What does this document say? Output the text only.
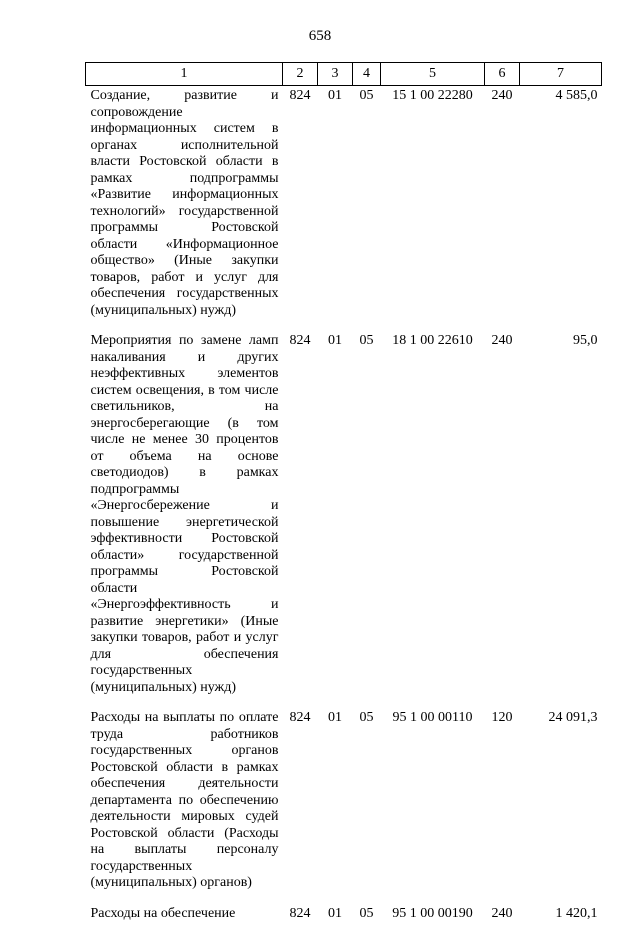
658
1	2	3	4	5	6	7
Создание, развитие и сопровождение информационных систем в органах исполнительной власти Ростовской области в рамках подпрограммы «Развитие информационных технологий» государственной программы Ростовской области «Информационное общество» (Иные закупки товаров, работ и услуг для обеспечения государственных (муниципальных) нужд)	824	01	05	15 1 00 22280	240	4 585,0
Мероприятия по замене ламп накаливания и других неэффективных элементов систем освещения, в том числе светильников, на энергосберегающие (в том числе не менее 30 процентов от объема на основе светодиодов) в рамках подпрограммы «Энергосбережение и повышение энергетической эффективности Ростовской области» государственной программы Ростовской области «Энергоэффективность и развитие энергетики» (Иные закупки товаров, работ и услуг для обеспечения государственных (муниципальных) нужд)	824	01	05	18 1 00 22610	240	95,0
Расходы на выплаты по оплате труда работников государственных органов Ростовской области в рамках обеспечения деятельности департамента по обеспечению деятельности мировых судей Ростовской области (Расходы на выплаты персоналу государственных (муниципальных) органов)	824	01	05	95 1 00 00110	120	24 091,3
Расходы на обеспечение	824	01	05	95 1 00 00190	240	1 420,1
